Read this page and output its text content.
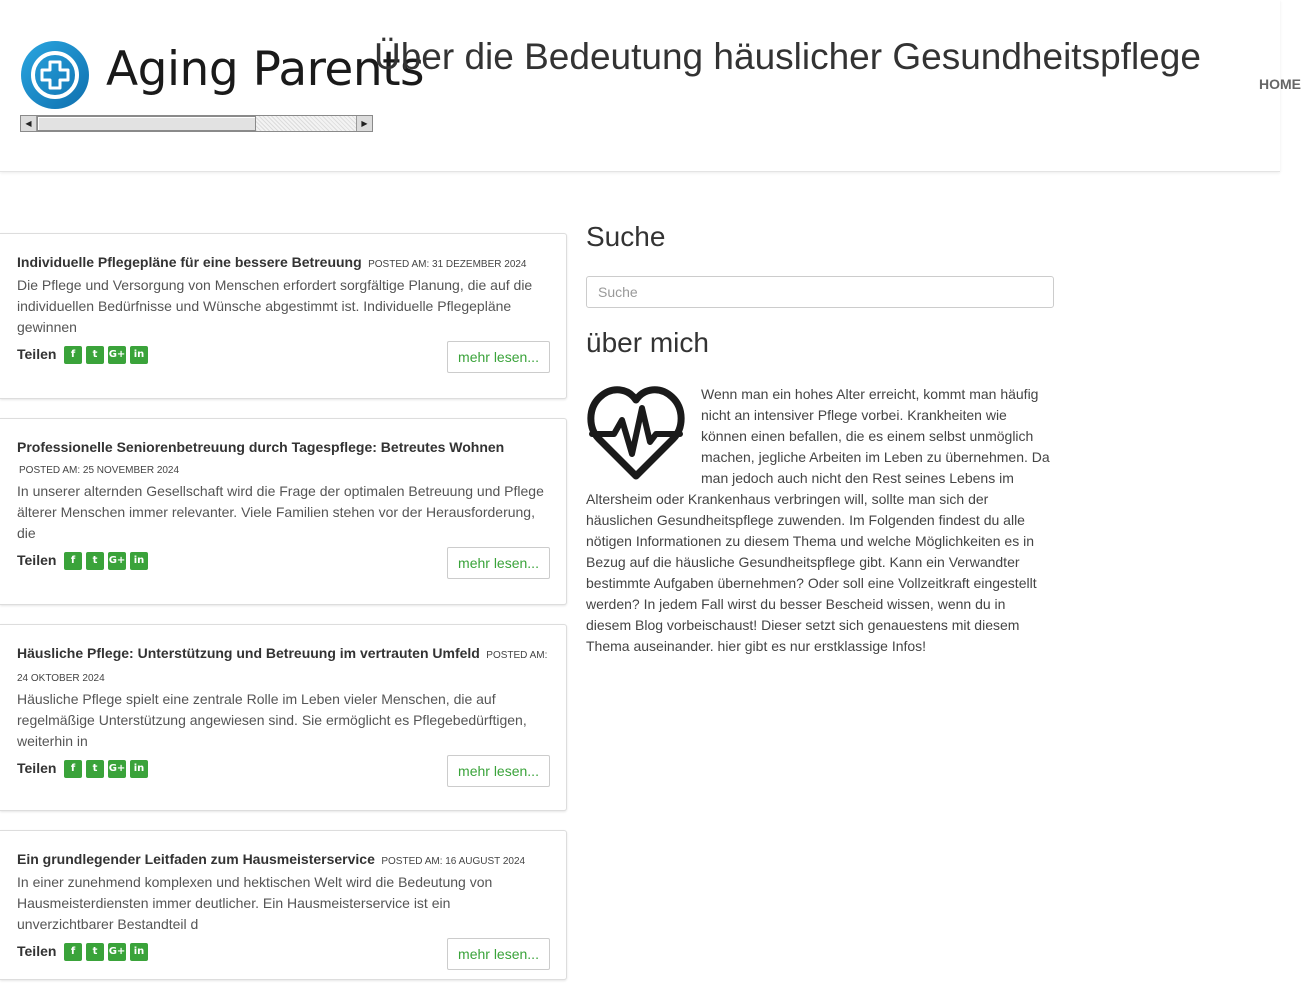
Aging Parents
◀	▶
Über die Bedeutung häuslicher Gesundheitspflege
HOME
Individuelle Pflegepläne für eine bessere Betreuung POSTED AM: 31 DEZEMBER 2024

Die Pflege und Versorgung von Menschen erfordert sorgfältige Planung, die auf die individuellen Bedürfnisse und Wünsche abgestimmt ist. Individuelle Pflegepläne gewinnen

Teilen	f	t	G+ in	mehr lesen...
Professionelle Seniorenbetreuung durch Tagespflege: Betreutes Wohnen POSTED AM: 25 NOVEMBER 2024

In unserer alternden Gesellschaft wird die Frage der optimalen Betreuung und Pflege älterer Menschen immer relevanter. Viele Familien stehen vor der Herausforderung, die

Teilen	f	t	G+ in	mehr lesen...
Häusliche Pflege: Unterstützung und Betreuung im vertrauten Umfeld POSTED AM: 24 OKTOBER 2024

Häusliche Pflege spielt eine zentrale Rolle im Leben vieler Menschen, die auf regelmäßige Unterstützung angewiesen sind. Sie ermöglicht es Pflegebedürftigen, weiterhin in

Teilen	f	t	G+ in	mehr lesen...
Ein grundlegender Leitfaden zum Hausmeisterservice POSTED AM: 16 AUGUST 2024

In einer zunehmend komplexen und hektischen Welt wird die Bedeutung von Hausmeisterdiensten immer deutlicher. Ein Hausmeisterservice ist ein unverzichtbarer Bestandteil d

Teilen	f	t	G+ in	mehr lesen...
Suche
Suche
über mich

Wenn man ein hohes Alter erreicht, kommt man häufig nicht an intensiver Pflege vorbei. Krankheiten wie können einen befallen, die es einem selbst unmöglich machen, jegliche Arbeiten im Leben zu übernehmen. Da man jedoch auch nicht den Rest seines Lebens im Altersheim oder Krankenhaus verbringen will, sollte man sich der häuslichen Gesundheitspflege zuwenden. Im Folgenden findest du alle nötigen Informationen zu diesem Thema und welche Möglichkeiten es in Bezug auf die häusliche Gesundheitspflege gibt. Kann ein Verwandter bestimmte Aufgaben übernehmen? Oder soll eine Vollzeitkraft eingestellt werden? In jedem Fall wirst du besser Bescheid wissen, wenn du in diesem Blog vorbeischaust! Dieser setzt sich genauestens mit diesem Thema auseinander. hier gibt es nur erstklassige Infos!
